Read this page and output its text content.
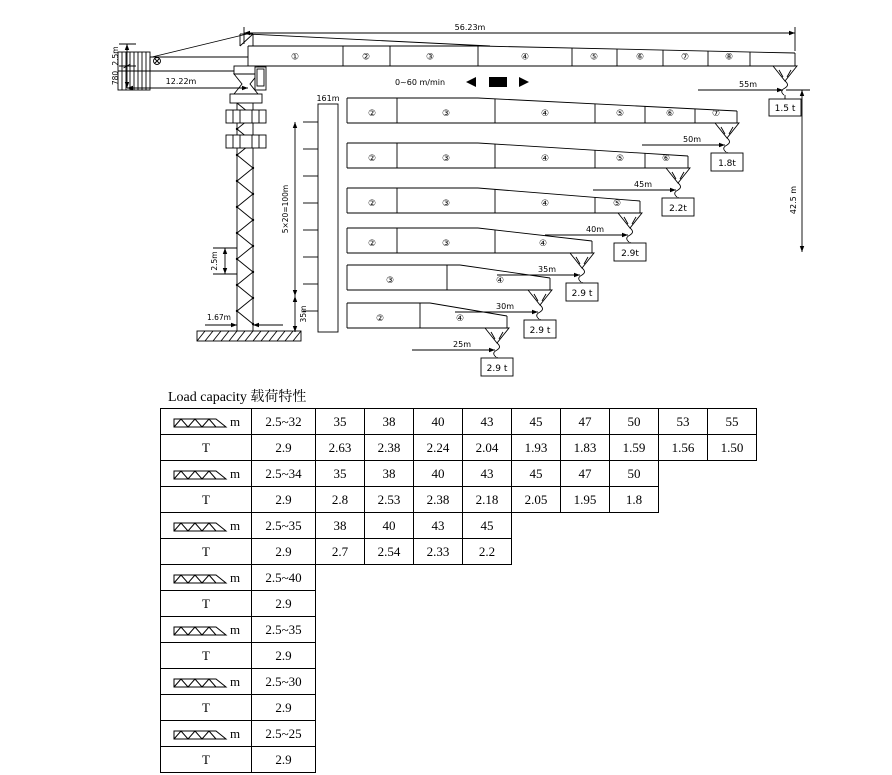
56.23m
①	②	③	④	⑤	⑥	⑦	⑧
2.5m
780	12.22m
2.5m
1.67m
161m
5×20=100m
35m
0~60 m/min	55m
1.5 t
42.5 m
②	③	④	⑤	⑥	⑦
50m
1.8t
②	③	④	⑤	⑥
45m
2.2t
②	③	④	⑤
40m
2.9t
②	③	④
35m
2.9 t
③	④
30m
2.9 t
②	④
25m
2.9 t
Load capacity 载荷特性
m	2.5~32	35	38	40	43	45	47	50	53	55
T	2.9	2.63	2.38	2.24	2.04	1.93	1.83	1.59	1.56	1.50
m	2.5~34	35	38	40	43	45	47	50		
T	2.9	2.8	2.53	2.38	2.18	2.05	1.95	1.8		
m	2.5~35	38	40	43	45					
T	2.9	2.7	2.54	2.33	2.2					
m	2.5~40									
T	2.9									
m	2.5~35									
T	2.9									
m	2.5~30									
T	2.9									
m	2.5~25									
T	2.9									
